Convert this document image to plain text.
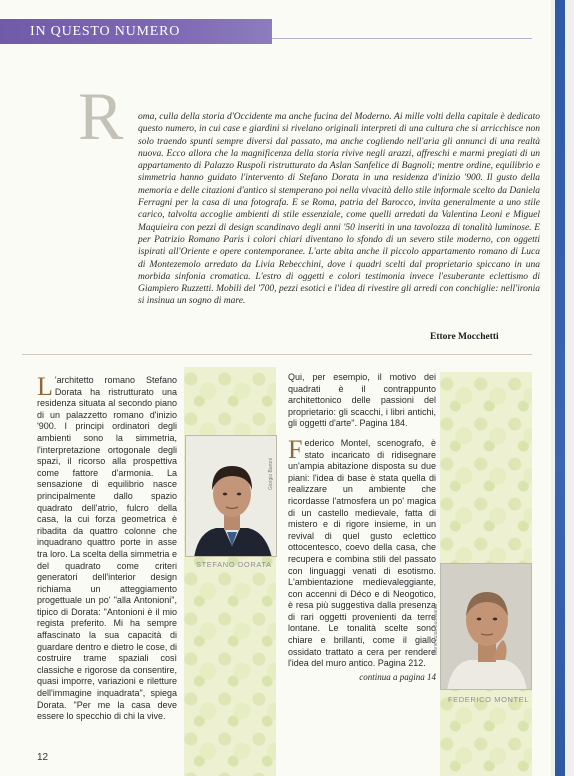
IN QUESTO NUMERO
R oma, culla della storia d'Occidente ma anche fucina del Moderno. Ai mille volti della capitale è dedicato questo numero, in cui case e giardini si rivelano originali interpreti di una cultura che si arricchisce non solo traendo spunti sempre diversi dal passato, ma anche cogliendo nell'aria gli annunci di una realtà nuova. Ecco allora che la magnificenza della storia rivive negli arazzi, affreschi e marmi pregiati di un appartamento di Palazzo Ruspoli ristrutturato da Aslan Sanfelice di Bagnoli; mentre ordine, equilibrio e simmetria hanno guidato l'intervento di Stefano Dorata in una residenza d'inizio '900. Il gusto della memoria e delle citazioni d'antico si stemperano poi nella vivacità dello stile informale scelto da Daniela Ferragni per la casa di una fotografa. E se Roma, patria del Barocco, invita generalmente a uno stile carico, talvolta accoglie ambienti di stile essenziale, come quelli arredati da Valentina Leoni e Miguel Maquieira con pezzi di design scandinavo degli anni '50 inseriti in una tavolozza di tonalità luminose. E per Patrizio Romano Paris i colori chiari diventano lo sfondo di un severo stile moderno, con oggetti ispirati all'Oriente e opere contemporanee. L'arte abita anche il piccolo appartamento romano di Luca di Montezemolo arredato da Livia Rebecchini, dove i quadri scelti dal proprietario spiccano in una morbida sinfonia cromatica. L'estro di oggetti e colori testimonia invece l'esuberante eclettismo di Giampiero Ruzzetti. Mobili del '700, pezzi esotici e l'idea di rivestire gli arredi con conchiglie: nell'ironia si insinua un sogno di mare.

Ettore Mocchetti
L 'architetto romano Stefano Dorata ha ristrutturato una residenza situata al secondo piano di un palazzetto romano d'inizio '900. I principi ordinatori degli ambienti sono la simmetria, l'interpretazione ortogonale degli spazi, il ricorso alla prospettiva come fattore d'armonia. La sensazione di equilibrio nasce principalmente dallo spazio quadrato dell'atrio, fulcro della casa, la cui forza geometrica è ribadita da quattro colonne che inquadrano quattro porte in asse tra loro. La scelta della simmetria e del quadrato come criteri generatori dell'interior design richiama un atteggiamento progettuale un po' "alla Antonioni", tipico di Dorata: "Antonioni è il mio regista preferito. Mi ha sempre affascinato la sua capacità di guardare dentro e dietro le cose, di costruire trame spaziali così classiche e rigorose da consentire, quasi imporre, variazioni e riletture dell'immagine inquadrata", spiega Dorata. "Per me la casa deve essere lo specchio di chi la vive.
Giorgio Baroni
STEFANO DORATA

Qui, per esempio, il motivo dei quadrati è il contrappunto architettonico delle passioni del proprietario: gli scacchi, i libri antichi, gli oggetti d'arte". Pagina 184.

Federico Montel, scenografo, è stato incaricato di ridisegnare un'ampia abitazione disposta su due piani: l'idea di base è stata quella di realizzare un ambiente che ricordasse l'atmosfera un po' magica di un castello medievale, fatta di mistero e di rigore insieme, in un revival di quel gusto eclettico ottocentesco, coevo della casa, che recupera e combina stili del passato con linguaggi venati di esotismo. L'ambientazione medievaleggiante, con accenni di Déco e di Neogotico, è resa più suggestiva dalla presenza di rari oggetti provenienti da terre lontane. Le tonalità scelte sono chiare e brillanti, come il giallo ossidato trattato a cera per rendere l'idea del muro antico. Pagina 212.

continua a pagina 14

Marie Luisa Buonsanto
FEDERICO MONTEL
12
